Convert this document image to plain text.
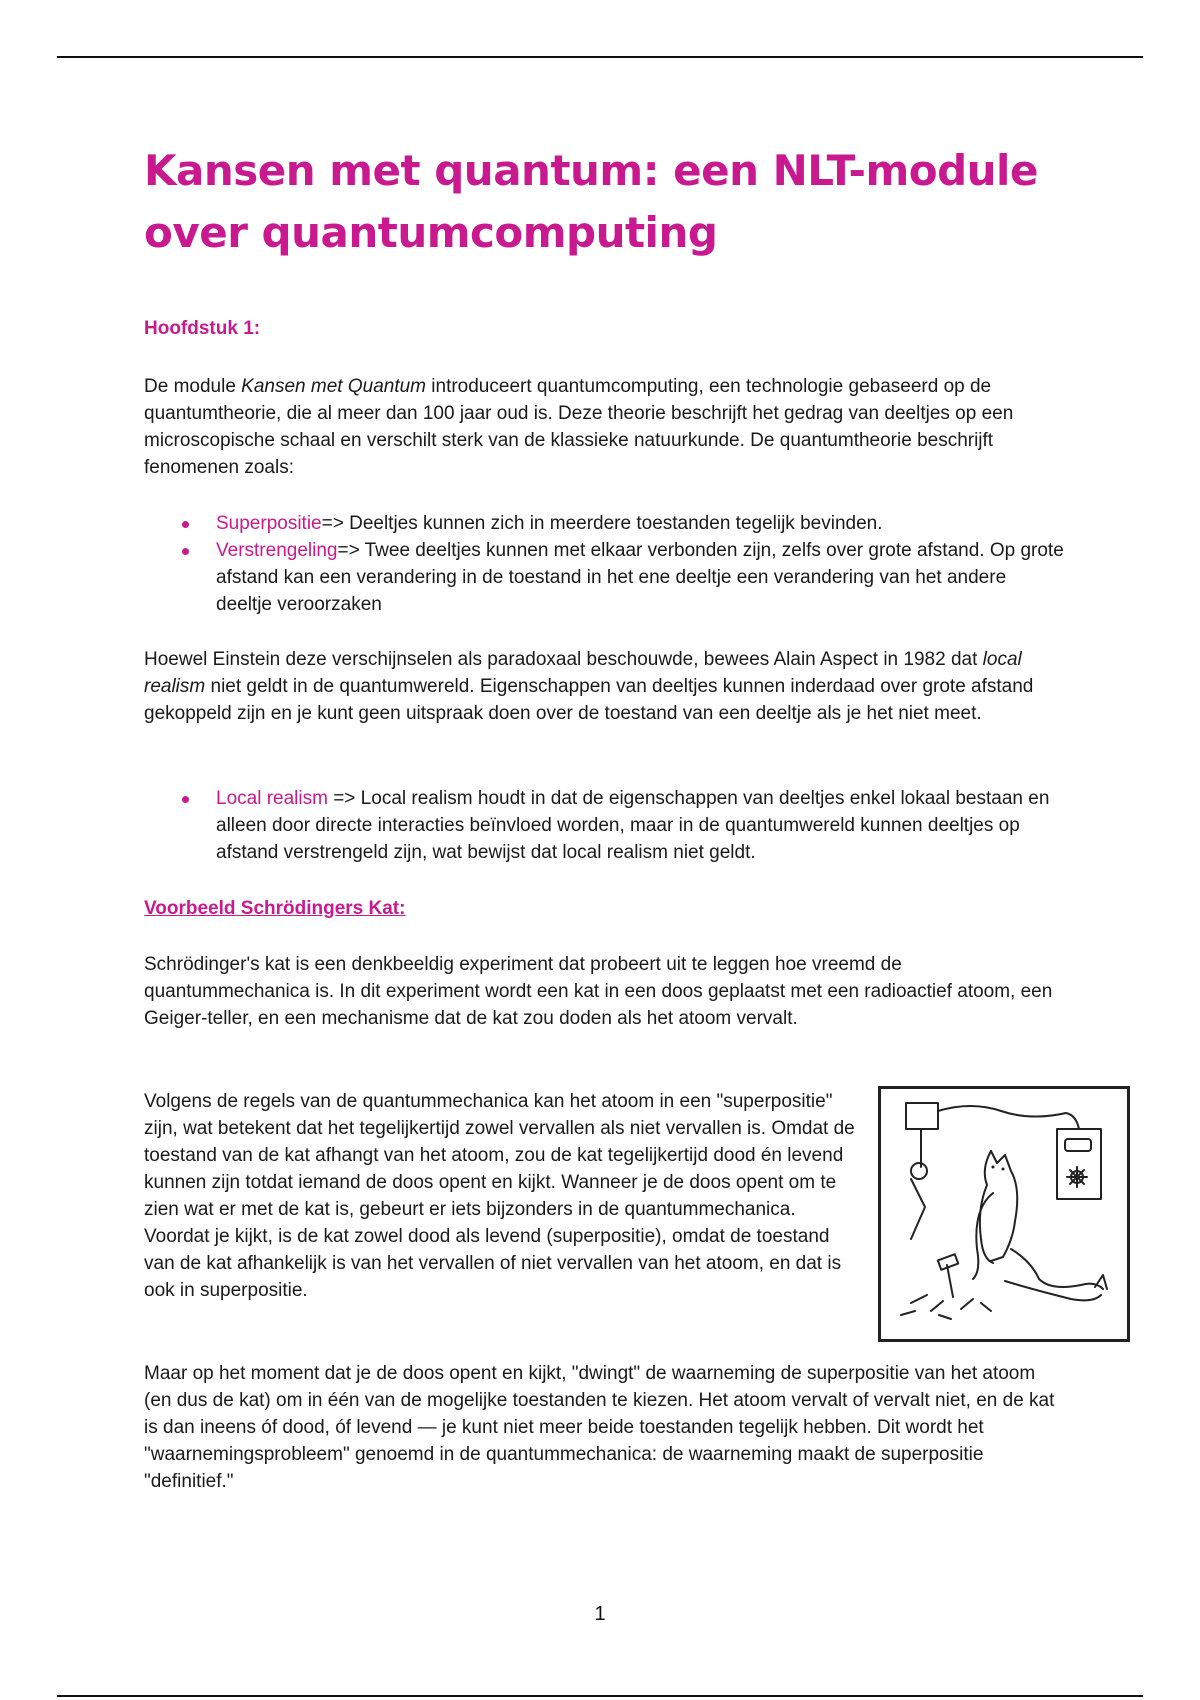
Kansen met quantum: een NLT-module over quantumcomputing
Hoofdstuk 1:

De module Kansen met Quantum introduceert quantumcomputing, een technologie gebaseerd op de quantumtheorie, die al meer dan 100 jaar oud is. Deze theorie beschrijft het gedrag van deeltjes op een microscopische schaal en verschilt sterk van de klassieke natuurkunde. De quantumtheorie beschrijft fenomenen zoals:

Superpositie=> Deeltjes kunnen zich in meerdere toestanden tegelijk bevinden.
Verstrengeling=> Twee deeltjes kunnen met elkaar verbonden zijn, zelfs over grote afstand. Op grote afstand kan een verandering in de toestand in het ene deeltje een verandering van het andere deeltje veroorzaken

Hoewel Einstein deze verschijnselen als paradoxaal beschouwde, bewees Alain Aspect in 1982 dat local realism niet geldt in de quantumwereld. Eigenschappen van deeltjes kunnen inderdaad over grote afstand gekoppeld zijn en je kunt geen uitspraak doen over de toestand van een deeltje als je het niet meet.

Local realism => Local realism houdt in dat de eigenschappen van deeltjes enkel lokaal bestaan en alleen door directe interacties beïnvloed worden, maar in de quantumwereld kunnen deeltjes op afstand verstrengeld zijn, wat bewijst dat local realism niet geldt.
Voorbeeld Schrödingers Kat:

Schrödinger's kat is een denkbeeldig experiment dat probeert uit te leggen hoe vreemd de quantummechanica is. In dit experiment wordt een kat in een doos geplaatst met een radioactief atoom, een Geiger-teller, en een mechanisme dat de kat zou doden als het atoom vervalt.

Volgens de regels van de quantummechanica kan het atoom in een "superpositie" zijn, wat betekent dat het tegelijkertijd zowel vervallen als niet vervallen is. Omdat de toestand van de kat afhangt van het atoom, zou de kat tegelijkertijd dood én levend kunnen zijn totdat iemand de doos opent en kijkt. Wanneer je de doos opent om te zien wat er met de kat is, gebeurt er iets bijzonders in de quantummechanica. Voordat je kijkt, is de kat zowel dood als levend (superpositie), omdat de toestand van de kat afhankelijk is van het vervallen of niet vervallen van het atoom, en dat is ook in superpositie.

Maar op het moment dat je de doos opent en kijkt, "dwingt" de waarneming de superpositie van het atoom (en dus de kat) om in één van de mogelijke toestanden te kiezen. Het atoom vervalt of vervalt niet, en de kat is dan ineens óf dood, óf levend — je kunt niet meer beide toestanden tegelijk hebben. Dit wordt het "waarnemingsprobleem" genoemd in de quantummechanica: de waarneming maakt de superpositie "definitief."

1
